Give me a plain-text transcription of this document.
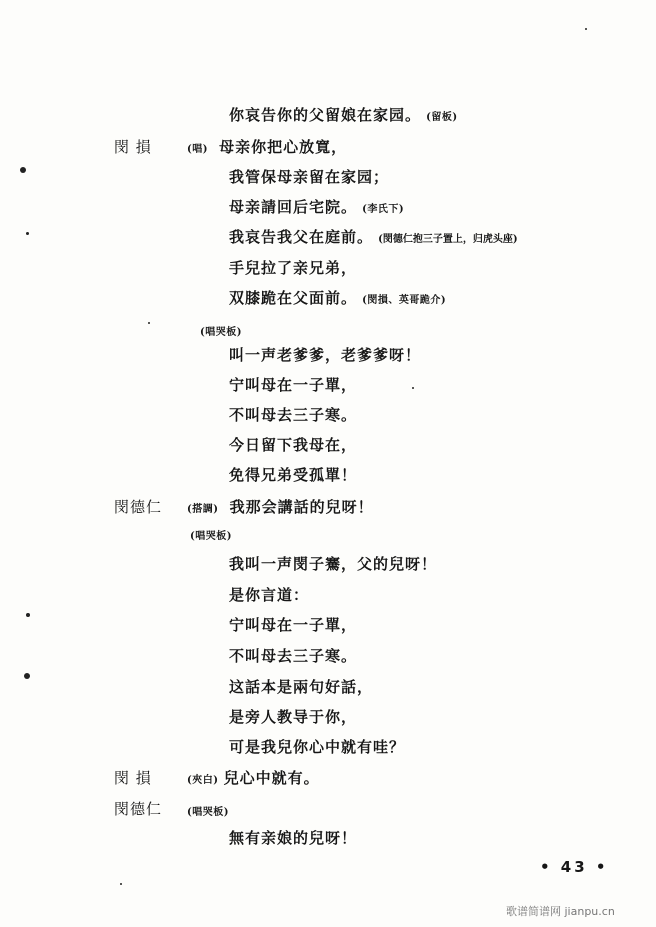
你哀告你的父留娘在家园。 (留板)
閔 損	(唱) 母亲你把心放寬，
我管保母亲留在家园；
母亲請回后宅院。 (李氏下)
我哀告我父在庭前。 (閔德仁抱三子置上，归虎头座)
手兒拉了亲兄弟，
双膝跪在父面前。 (閔損、英哥跪介)
(唱哭板)
叫一声老爹爹，老爹爹呀！
宁叫母在一子單，
不叫母去三子寒。
今日留下我母在，
免得兄弟受孤單！
閔德仁 (搭調) 我那会講話的兒呀！
(唱哭板)
我叫一声閔子騫，父的兒呀！
是你言道：
宁叫母在一子單，
不叫母去三子寒。
这話本是兩句好話，
是旁人教导于你，
可是我兒你心中就有哇？
閔 損	(夾白) 兒心中就有。
閔德仁 (唱哭板)
無有亲娘的兒呀！
• 43 •
歌谱简谱网 jianpu.cn
